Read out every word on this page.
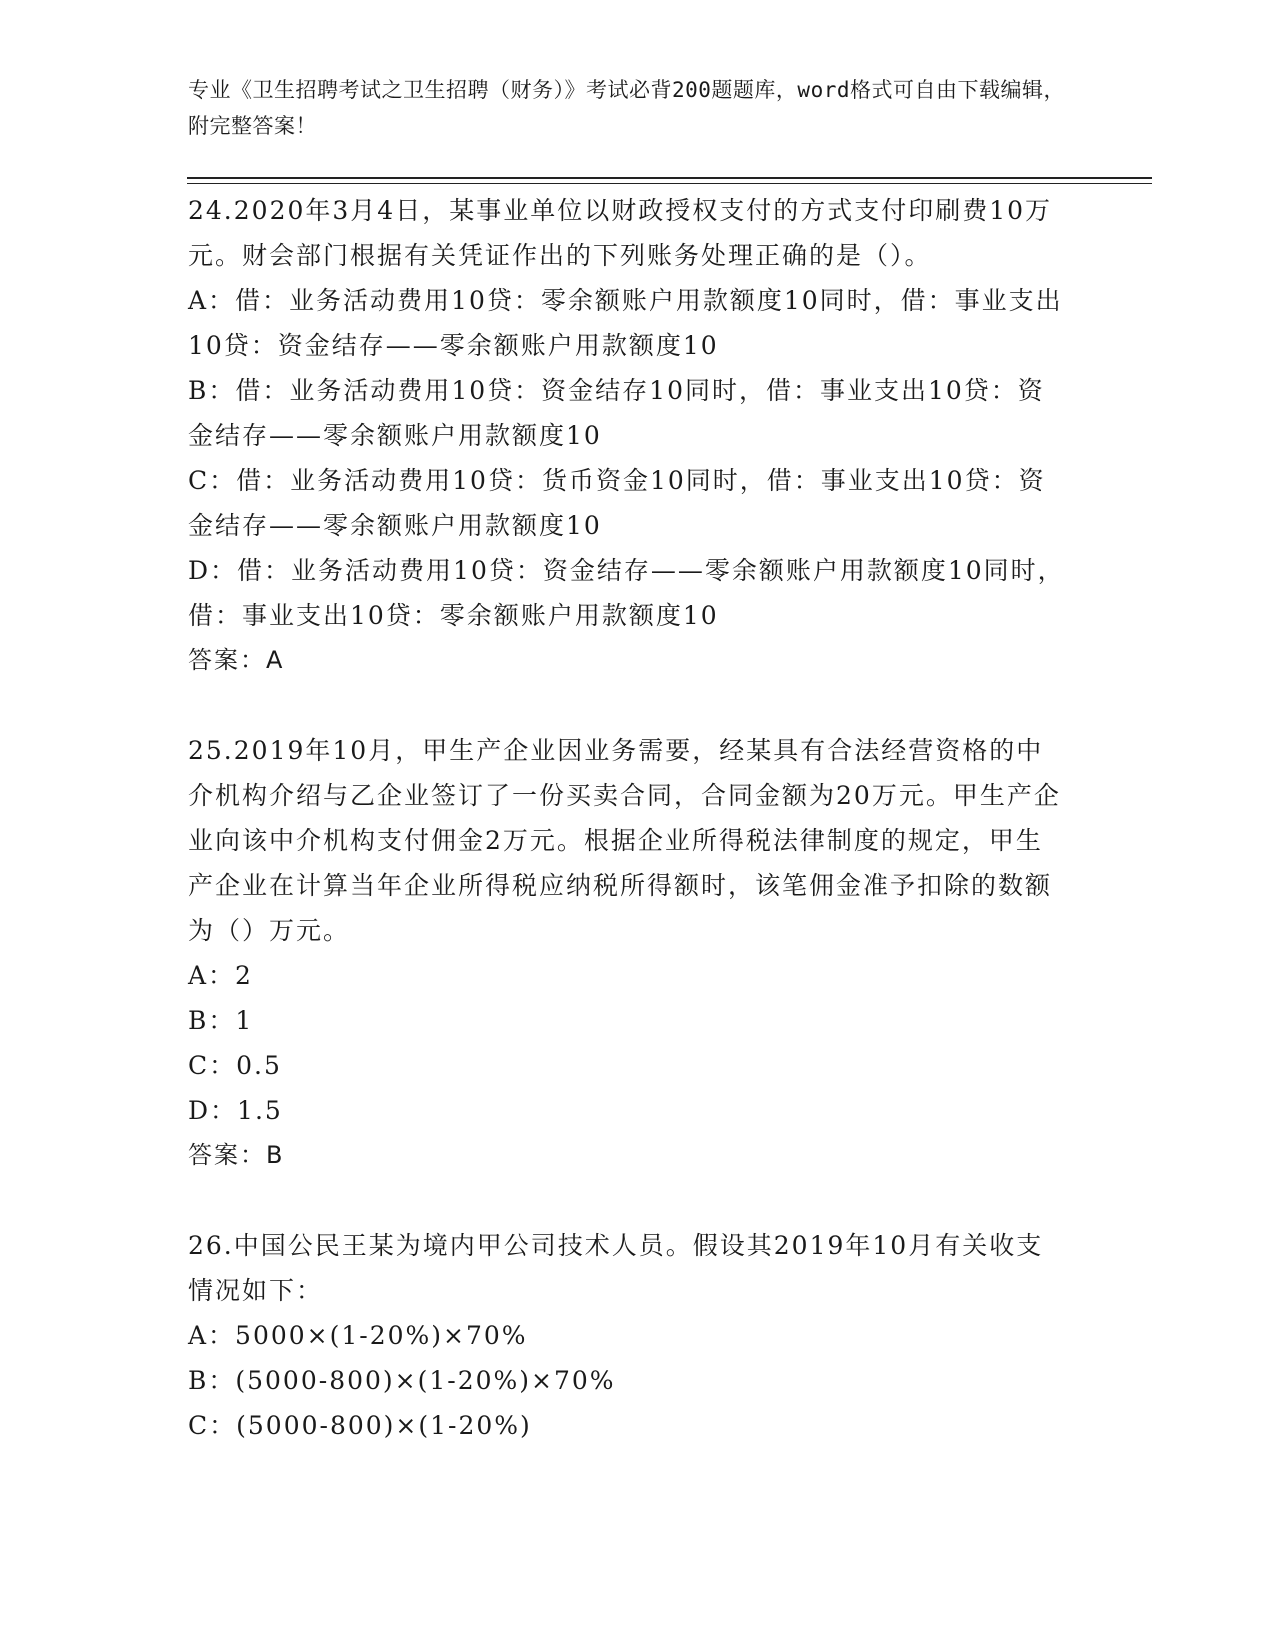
专业《卫生招聘考试之卫生招聘（财务）》考试必背200题题库，word格式可自由下载编辑，附完整答案！

24.2020年3月4日，某事业单位以财政授权支付的方式支付印刷费10万元。财会部门根据有关凭证作出的下列账务处理正确的是（）。

A：借：业务活动费用10贷：零余额账户用款额度10同时，借：事业支出10贷：资金结存——零余额账户用款额度10

B：借：业务活动费用10贷：资金结存10同时，借：事业支出10贷：资金结存——零余额账户用款额度10

C：借：业务活动费用10贷：货币资金10同时，借：事业支出10贷：资金结存——零余额账户用款额度10

D：借：业务活动费用10贷：资金结存——零余额账户用款额度10同时，借：事业支出10贷：零余额账户用款额度10

答案：A

25.2019年10月，甲生产企业因业务需要，经某具有合法经营资格的中介机构介绍与乙企业签订了一份买卖合同，合同金额为20万元。甲生产企业向该中介机构支付佣金2万元。根据企业所得税法律制度的规定，甲生产企业在计算当年企业所得税应纳税所得额时，该笔佣金准予扣除的数额为（）万元。

A：2

B：1

C：0.5

D：1.5

答案：B

26.中国公民王某为境内甲公司技术人员。假设其2019年10月有关收支情况如下：

A：5000×(1-20%)×70%

B：(5000-800)×(1-20%)×70%

C：(5000-800)×(1-20%)
